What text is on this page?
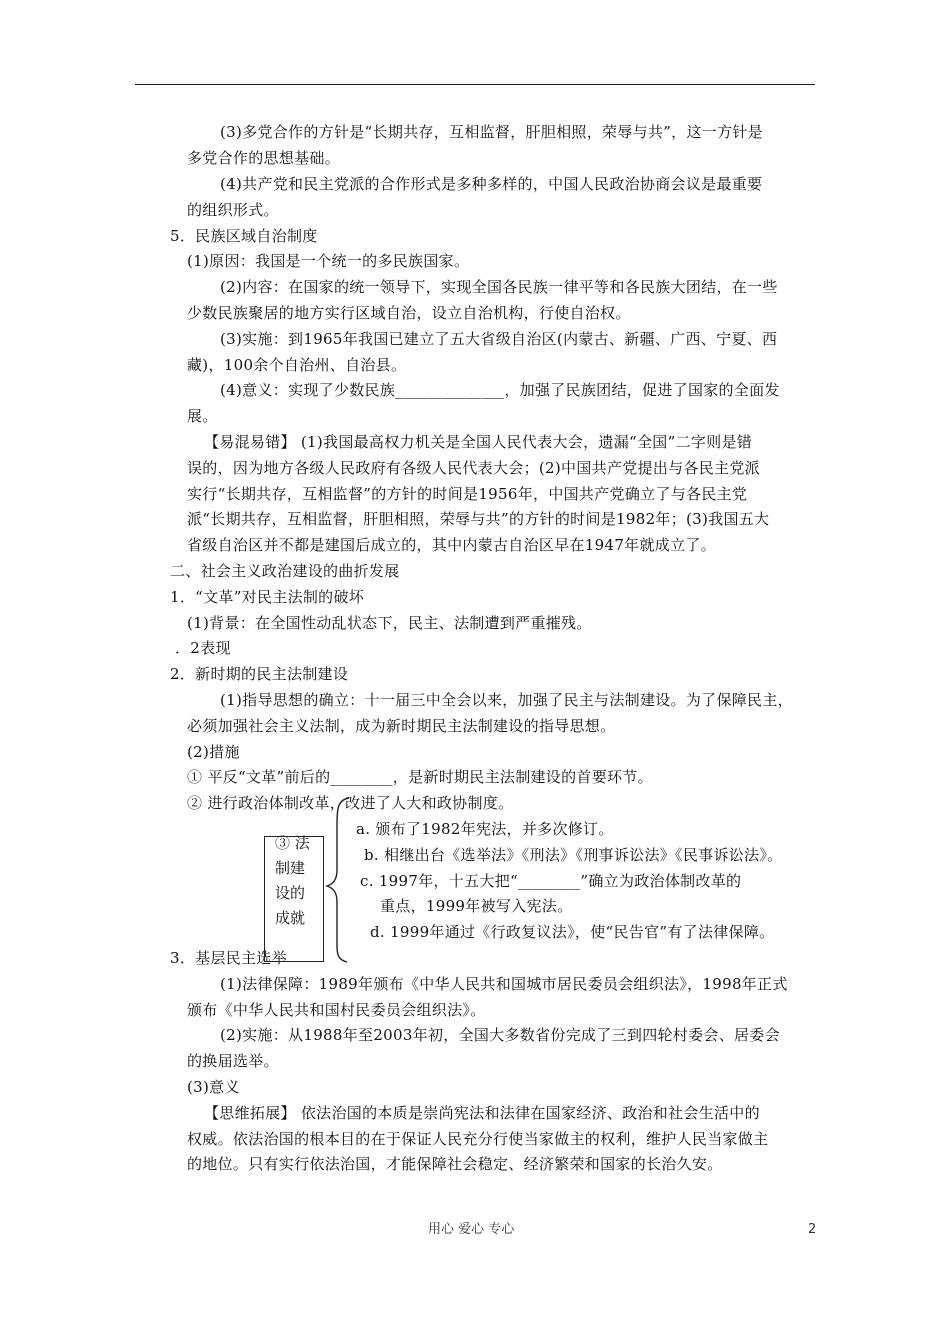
(3)多党合作的方针是“长期共存，互相监督，肝胆相照，荣辱与共”，这一方针是
多党合作的思想基础。
(4)共产党和民主党派的合作形式是多种多样的，中国人民政治协商会议是最重要
的组织形式。
5．民族区域自治制度
(1)原因：我国是一个统一的多民族国家。
(2)内容：在国家的统一领导下，实现全国各民族一律平等和各民族大团结，在一些
少数民族聚居的地方实行区域自治，设立自治机构，行使自治权。
(3)实施：到1965年我国已建立了五大省级自治区(内蒙古、新疆、广西、宁夏、西
藏)，100余个自治州、自治县。
(4)意义：实现了少数民族______________，加强了民族团结，促进了国家的全面发
展。
【易混易错】 (1)我国最高权力机关是全国人民代表大会，遗漏“全国”二字则是错
误的，因为地方各级人民政府有各级人民代表大会；(2)中国共产党提出与各民主党派
实行“长期共存，互相监督”的方针的时间是1956年，中国共产党确立了与各民主党
派“长期共存，互相监督，肝胆相照，荣辱与共”的方针的时间是1982年；(3)我国五大
省级自治区并不都是建国后成立的，其中内蒙古自治区早在1947年就成立了。
二、社会主义政治建设的曲折发展
1．“文革”对民主法制的破坏
(1)背景：在全国性动乱状态下，民主、法制遭到严重摧残。
．2表现
2．新时期的民主法制建设
(1)指导思想的确立：十一届三中全会以来，加强了民主与法制建设。为了保障民主，
必须加强社会主义法制，成为新时期民主法制建设的指导思想。
(2)措施
① 平反“文革”前后的________，是新时期民主法制建设的首要环节。
② 进行政治体制改革，改进了人大和政协制度。
a. 颁布了1982年宪法，并多次修订。
b. 相继出台《选举法》《刑法》《刑事诉讼法》《民事诉讼法》。
c. 1997年，十五大把“________”确立为政治体制改革的
重点，1999年被写入宪法。
d. 1999年通过《行政复议法》，使“民告官”有了法律保障。
3．基层民主选举
(1)法律保障：1989年颁布《中华人民共和国城市居民委员会组织法》，1998年正式
颁布《中华人民共和国村民委员会组织法》。
(2)实施：从1988年至2003年初，全国大多数省份完成了三到四轮村委会、居委会
的换届选举。
(3)意义
【思维拓展】 依法治国的本质是崇尚宪法和法律在国家经济、政治和社会生活中的
权威。依法治国的根本目的在于保证人民充分行使当家做主的权利，维护人民当家做主
的地位。只有实行依法治国，才能保障社会稳定、经济繁荣和国家的长治久安。
③ 法
制建
设的
成就
用心 爱心 专心	2
